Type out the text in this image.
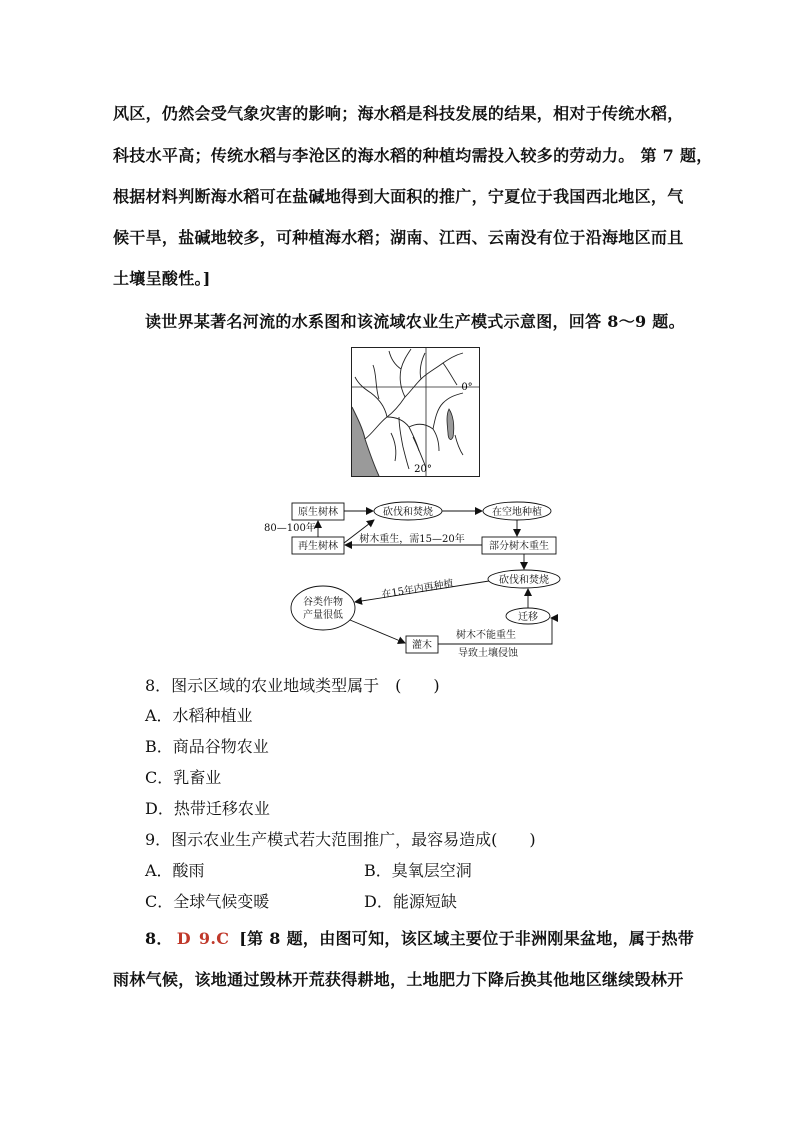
风区，仍然会受气象灾害的影响；海水稻是科技发展的结果，相对于传统水稻，
科技水平高；传统水稻与李沧区的海水稻的种植均需投入较多的劳动力。 第 7 题，
根据材料判断海水稻可在盐碱地得到大面积的推广，宁夏位于我国西北地区，气
候干旱，盐碱地较多，可种植海水稻；湖南、江西、云南没有位于沿海地区而且
土壤呈酸性。]
读世界某著名河流的水系图和该流域农业生产模式示意图，回答 8～9 题。
0°
20°
原生树林	砍伐和焚烧	在空地种植
80—100年
再生树林
树木重生，需15—20年
部分树木重生
砍伐和焚烧
在15年内再种植
谷类作物
产量很低	迁移
灌木
树木不能重生
导致土壤侵蚀
8．图示区域的农业地域类型属于　(　　)
A．水稻种植业
B．商品谷物农业
C．乳畜业
D．热带迁移农业
9．图示农业生产模式若大范围推广，最容易造成(　　)
A．酸雨	B．臭氧层空洞
C．全球气候变暖	D．能源短缺
8． D 9.C [第 8 题，由图可知，该区域主要位于非洲刚果盆地，属于热带
雨林气候，该地通过毁林开荒获得耕地，土地肥力下降后换其他地区继续毁林开
